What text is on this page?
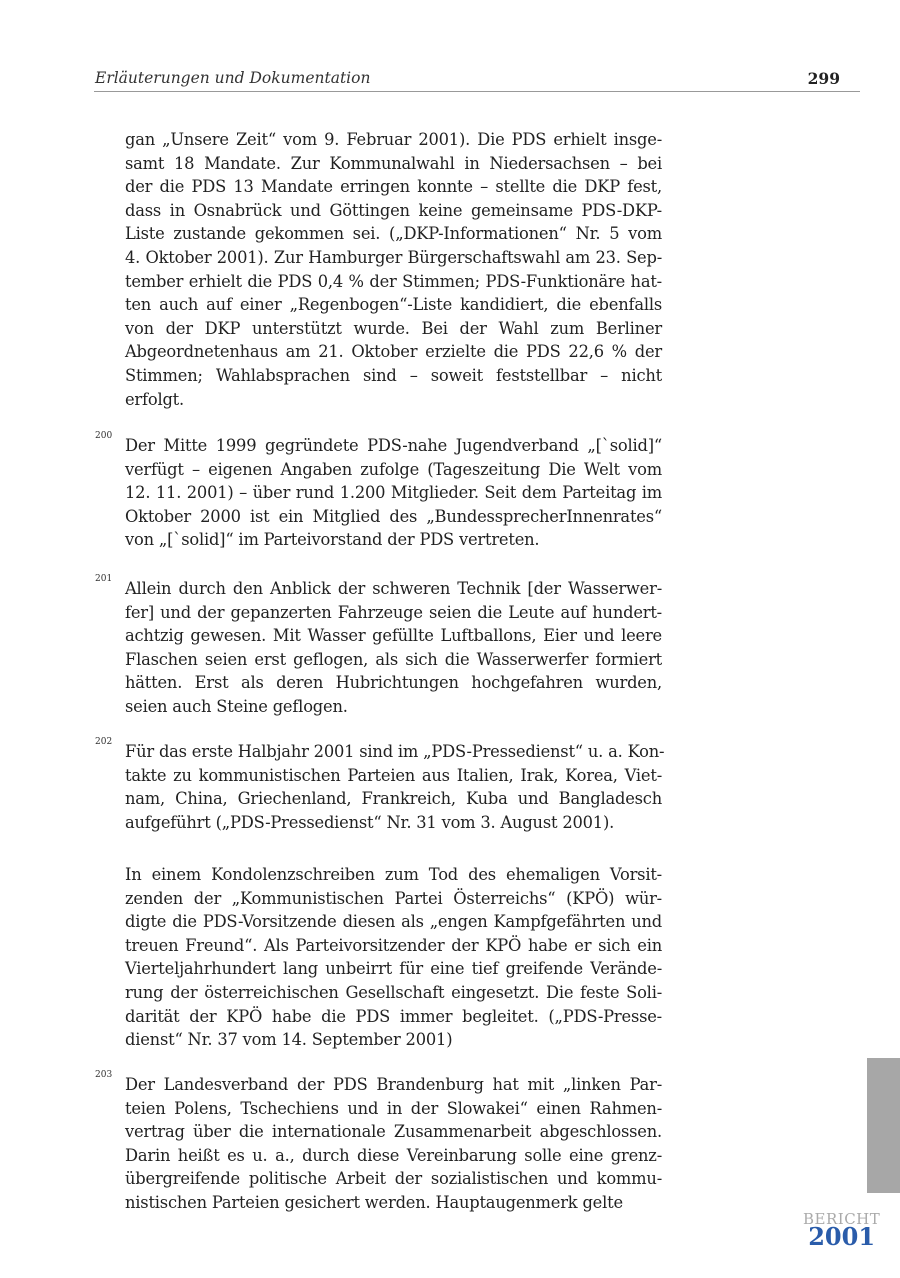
Erläuterungen und Dokumentation	299
gan „Unsere Zeit“ vom 9. Februar 2001). Die PDS erhielt insge-
samt 18 Mandate. Zur Kommunalwahl in Niedersachsen – bei
der die PDS 13 Mandate erringen konnte – stellte die DKP fest,
dass in Osnabrück und Göttingen keine gemeinsame PDS-DKP-
Liste zustande gekommen sei. („DKP-Informationen“ Nr. 5 vom
4. Oktober 2001). Zur Hamburger Bürgerschaftswahl am 23. Sep-
tember erhielt die PDS 0,4 % der Stimmen; PDS-Funktionäre hat-
ten auch auf einer „Regenbogen“-Liste kandidiert, die ebenfalls
von der DKP unterstützt wurde. Bei der Wahl zum Berliner
Abgeordnetenhaus am 21. Oktober erzielte die PDS 22,6 % der
Stimmen; Wahlabsprachen sind – soweit feststellbar – nicht
erfolgt.
200 Der Mitte 1999 gegründete PDS-nahe Jugendverband „[`solid]“
verfügt – eigenen Angaben zufolge (Tageszeitung Die Welt vom
12. 11. 2001) – über rund 1.200 Mitglieder. Seit dem Parteitag im
Oktober 2000 ist ein Mitglied des „BundessprecherInnenrates“
von „[`solid]“ im Parteivorstand der PDS vertreten.
201 Allein durch den Anblick der schweren Technik [der Wasserwer-
fer] und der gepanzerten Fahrzeuge seien die Leute auf hundert-
achtzig gewesen. Mit Wasser gefüllte Luftballons, Eier und leere
Flaschen seien erst geflogen, als sich die Wasserwerfer formiert
hätten. Erst als deren Hubrichtungen hochgefahren wurden,
seien auch Steine geflogen.
202 Für das erste Halbjahr 2001 sind im „PDS-Pressedienst“ u. a. Kon-
takte zu kommunistischen Parteien aus Italien, Irak, Korea, Viet-
nam, China, Griechenland, Frankreich, Kuba und Bangladesch
aufgeführt („PDS-Pressedienst“ Nr. 31 vom 3. August 2001).
In einem Kondolenzschreiben zum Tod des ehemaligen Vorsit-
zenden der „Kommunistischen Partei Österreichs“ (KPÖ) wür-
digte die PDS-Vorsitzende diesen als „engen Kampfgefährten und
treuen Freund“. Als Parteivorsitzender der KPÖ habe er sich ein
Vierteljahrhundert lang unbeirrt für eine tief greifende Verände-
rung der österreichischen Gesellschaft eingesetzt. Die feste Soli-
darität der KPÖ habe die PDS immer begleitet. („PDS-Presse-
dienst“ Nr. 37 vom 14. September 2001)
203 Der Landesverband der PDS Brandenburg hat mit „linken Par-
teien Polens, Tschechiens und in der Slowakei“ einen Rahmen-
vertrag über die internationale Zusammenarbeit abgeschlossen.
Darin heißt es u. a., durch diese Vereinbarung solle eine grenz-
übergreifende politische Arbeit der sozialistischen und kommu-
nistischen Parteien gesichert werden. Hauptaugenmerk gelte
BERICHT
2001
